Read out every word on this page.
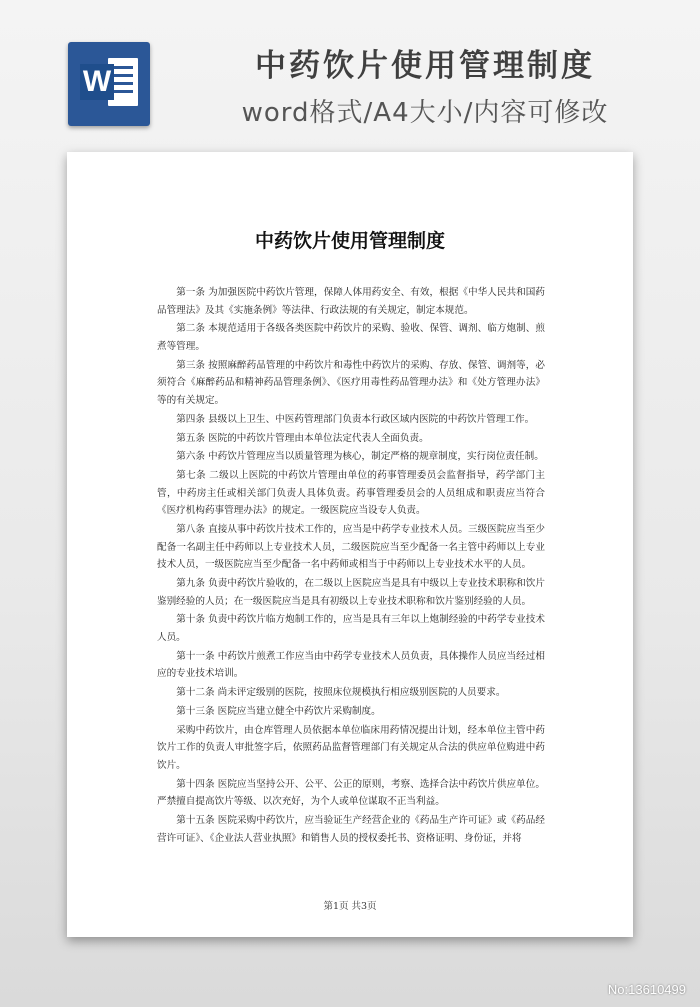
W	中药饮片使用管理制度
word格式/A4大小/内容可修改
中药饮片使用管理制度

第一条 为加强医院中药饮片管理，保障人体用药安全、有效，根据《中华人民共和国药品管理法》及其《实施条例》等法律、行政法规的有关规定，制定本规范。

第二条 本规范适用于各级各类医院中药饮片的采购、验收、保管、调剂、临方炮制、煎煮等管理。

第三条 按照麻醉药品管理的中药饮片和毒性中药饮片的采购、存放、保管、调剂等，必须符合《麻醉药品和精神药品管理条例》、《医疗用毒性药品管理办法》和《处方管理办法》等的有关规定。

第四条 县级以上卫生、中医药管理部门负责本行政区域内医院的中药饮片管理工作。

第五条 医院的中药饮片管理由本单位法定代表人全面负责。

第六条 中药饮片管理应当以质量管理为核心，制定严格的规章制度，实行岗位责任制。

第七条 二级以上医院的中药饮片管理由单位的药事管理委员会监督指导，药学部门主管，中药房主任或相关部门负责人具体负责。药事管理委员会的人员组成和职责应当符合《医疗机构药事管理办法》的规定。一级医院应当设专人负责。

第八条 直接从事中药饮片技术工作的，应当是中药学专业技术人员。三级医院应当至少配备一名副主任中药师以上专业技术人员，二级医院应当至少配备一名主管中药师以上专业技术人员，一级医院应当至少配备一名中药师或相当于中药师以上专业技术水平的人员。

第九条 负责中药饮片验收的，在二级以上医院应当是具有中级以上专业技术职称和饮片鉴别经验的人员；在一级医院应当是具有初级以上专业技术职称和饮片鉴别经验的人员。

第十条 负责中药饮片临方炮制工作的，应当是具有三年以上炮制经验的中药学专业技术人员。

第十一条 中药饮片煎煮工作应当由中药学专业技术人员负责，具体操作人员应当经过相应的专业技术培训。

第十二条 尚未评定级别的医院，按照床位规模执行相应级别医院的人员要求。

第十三条 医院应当建立健全中药饮片采购制度。

采购中药饮片，由仓库管理人员依据本单位临床用药情况提出计划，经本单位主管中药饮片工作的负责人审批签字后，依照药品监督管理部门有关规定从合法的供应单位购进中药饮片。

第十四条 医院应当坚持公开、公平、公正的原则，考察、选择合法中药饮片供应单位。严禁擅自提高饮片等级、以次充好，为个人或单位谋取不正当利益。

第十五条 医院采购中药饮片，应当验证生产经营企业的《药品生产许可证》或《药品经营许可证》、《企业法人营业执照》和销售人员的授权委托书、资格证明、身份证，并将

第1页 共3页
No:13610499
